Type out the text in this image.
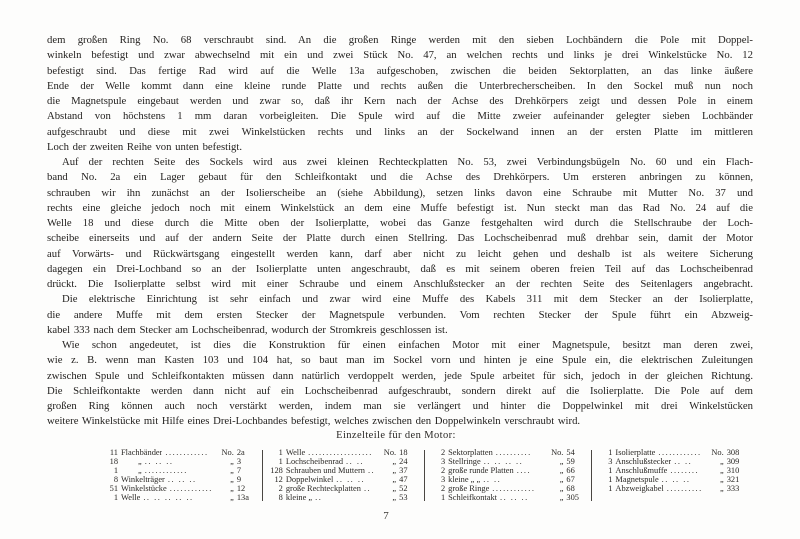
dem großen Ring No. 68 verschraubt sind. An die großen Ringe werden mit den sieben Lochbändern die Pole mit Doppel-
winkeln befestigt und zwar abwechselnd mit ein und zwei Stück No. 47, an welchen rechts und links je drei Winkelstücke No. 12
befestigt sind. Das fertige Rad wird auf die Welle 13a aufgeschoben, zwischen die beiden Sektorplatten, an das linke äußere
Ende der Welle kommt dann eine kleine runde Platte und rechts außen die Unterbrecherscheiben. In den Sockel muß nun noch
die Magnetspule eingebaut werden und zwar so, daß ihr Kern nach der Achse des Drehkörpers zeigt und dessen Pole in einem
Abstand von höchstens 1 mm daran vorbeigleiten. Die Spule wird auf die Mitte zweier aufeinander gelegter sieben Lochbänder
aufgeschraubt und diese mit zwei Winkelstücken rechts und links an der Sockelwand innen an der ersten Platte im mittleren
Loch der zweiten Reihe von unten befestigt.
Auf der rechten Seite des Sockels wird aus zwei kleinen Rechteckplatten No. 53, zwei Verbindungsbügeln No. 60 und ein Flach-
band No. 2a ein Lager gebaut für den Schleifkontakt und die Achse des Drehkörpers. Um ersteren anbringen zu können,
schrauben wir ihn zunächst an der Isolierscheibe an (siehe Abbildung), setzen links davon eine Schraube mit Mutter No. 37 und
rechts eine gleiche jedoch noch mit einem Winkelstück an dem eine Muffe befestigt ist. Nun steckt man das Rad No. 24 auf die
Welle 18 und diese durch die Mitte oben der Isolierplatte, wobei das Ganze festgehalten wird durch die Stellschraube der Loch-
scheibe einerseits und auf der andern Seite der Platte durch einen Stellring. Das Lochscheibenrad muß drehbar sein, damit der Motor
auf Vorwärts- und Rückwärtsgang eingestellt werden kann, darf aber nicht zu leicht gehen und deshalb ist als weitere Sicherung
dagegen ein Drei-Lochband so an der Isolierplatte unten angeschraubt, daß es mit seinem oberen freien Teil auf das Lochscheibenrad
drückt. Die Isolierplatte selbst wird mit einer Schraube und einem Anschlußstecker an der rechten Seite des Seitenlagers angebracht.
Die elektrische Einrichtung ist sehr einfach und zwar wird eine Muffe des Kabels 311 mit dem Stecker an der Isolierplatte,
die andere Muffe mit dem ersten Stecker der Magnetspule verbunden. Vom rechten Stecker der Spule führt ein Abzweig-
kabel 333 nach dem Stecker am Lochscheibenrad, wodurch der Stromkreis geschlossen ist.
Wie schon angedeutet, ist dies die Konstruktion für einen einfachen Motor mit einer Magnetspule, besitzt man deren zwei,
wie z. B. wenn man Kasten 103 und 104 hat, so baut man im Sockel vorn und hinten je eine Spule ein, die elektrischen Zuleitungen
zwischen Spule und Schleifkontakten müssen dann natürlich verdoppelt werden, jede Spule arbeitet für sich, jedoch in der gleichen Richtung.
Die Schleifkontakte werden dann nicht auf ein Lochscheibenrad aufgeschraubt, sondern direkt auf die Isolierplatte. Die Pole auf dem
großen Ring können auch noch verstärkt werden, indem man sie verlängert und hinter die Doppelwinkel mit drei Winkelstücken
weitere Winkelstücke mit Hilfe eines Drei-Lochbandes befestigt, welches zwischen den Doppelwinkeln verschraubt wird.
Einzelteile für den Motor:
11 Flachbänder ............	No. 2a
18 „ .. .. ..	„ 3
1 „ ............	„ 7
8 Winkelträger .. .. ..	„ 9
51 Winkelstücke ............	„ 12
1 Welle .. .. .. .. ..	„ 13a
1 Welle ..................	No. 18
1 Lochscheibenrad .. ..	„ 24
128 Schrauben und Muttern ..	„ 37
12 Doppelwinkel .. .. ..	„ 47
2 große Rechteckplatten ..	„ 52
8 kleine „ ..	„ 53
2 Sektorplatten ..........	No. 54
3 Stellringe .. .. .. ..	„ 59
2 große runde Platten ....	„ 66
3 kleine „ „ .. ..	„ 67
2 große Ringe ............	„ 68
1 Schleifkontakt .. .. ..	„ 305
1 Isolierplatte ............	No. 308
3 Anschlußstecker .. ..	„ 309
1 Anschlußmuffe ........	„ 310
1 Magnetspule .. .. ..	„ 321
1 Abzweigkabel ..........	„ 333
7
